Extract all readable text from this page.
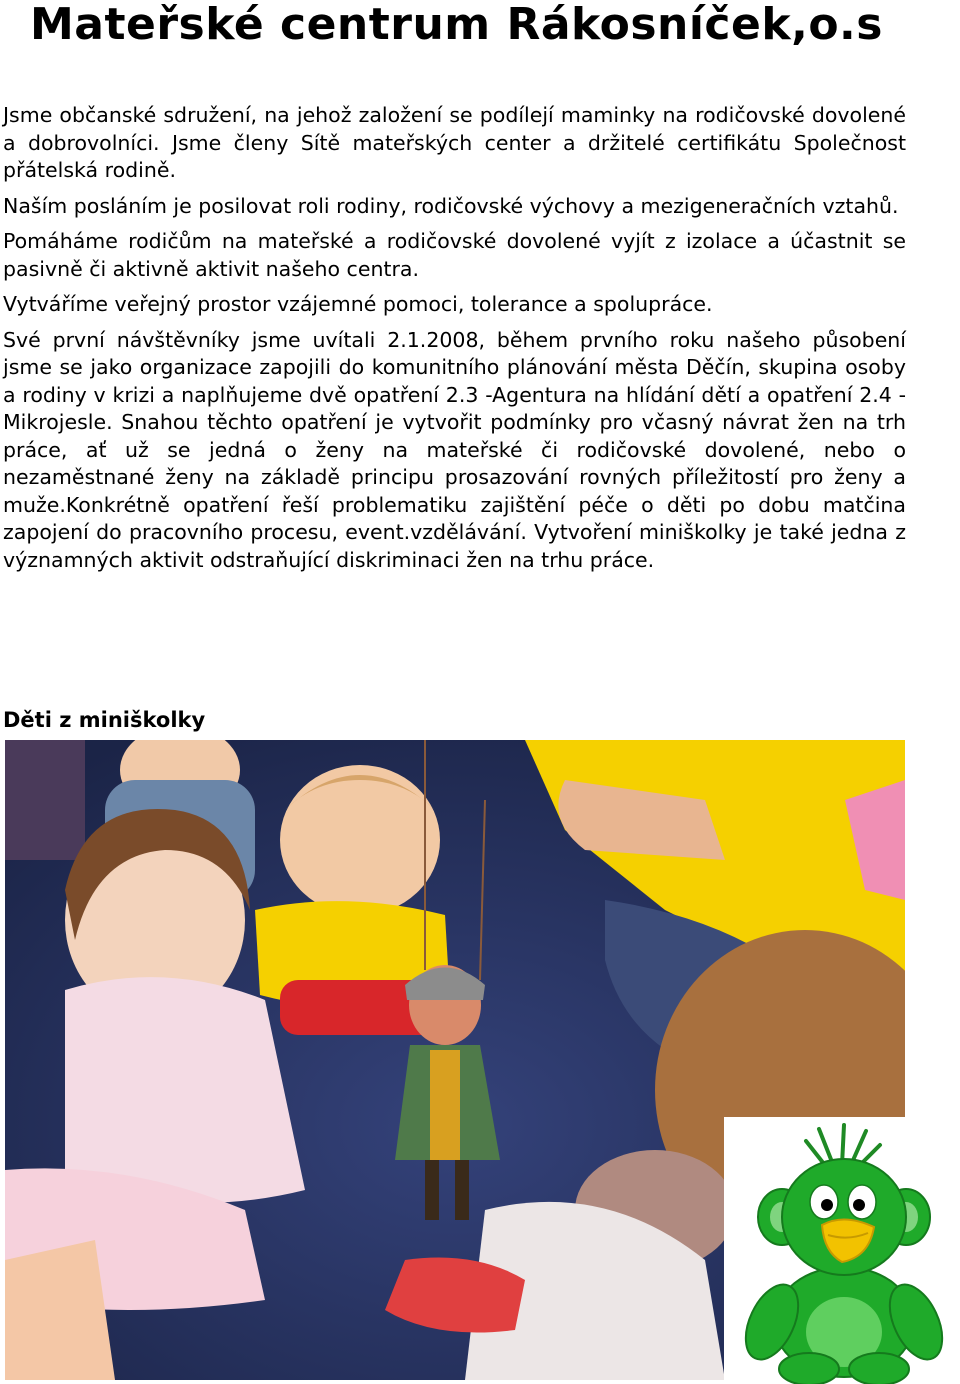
Mateřské centrum Rákosníček,o.s

Jsme občanské sdružení, na jehož založení se podílejí maminky na rodičovské dovolené a dobrovolníci. Jsme členy Sítě mateřských center a držitelé certifikátu Společnost přátelská rodině.

Naším posláním je posilovat roli rodiny, rodičovské výchovy a mezigeneračních vztahů.

Pomáháme rodičům na mateřské a rodičovské dovolené vyjít z izolace a účastnit se pasivně či aktivně aktivit našeho centra.

Vytváříme veřejný prostor vzájemné pomoci, tolerance a spolupráce.

Své první návštěvníky jsme uvítali 2.1.2008, během prvního roku našeho působení jsme se jako organizace zapojili do komunitního plánování města Děčín, skupina osoby a rodiny v krizi a naplňujeme dvě opatření 2.3 -Agentura na hlídání dětí a opatření 2.4 - Mikrojesle. Snahou těchto opatření je vytvořit podmínky pro včasný návrat žen na trh práce, ať už se jedná o ženy na mateřské či rodičovské dovolené, nebo o nezaměstnané ženy na základě principu prosazování rovných příležitostí pro ženy a muže.Konkrétně opatření řeší problematiku zajištění péče o děti po dobu matčina zapojení do pracovního procesu, event.vzdělávání. Vytvoření miniškolky je také jedna z významných aktivit odstraňující diskriminaci žen na trhu práce.

Děti z miniškolky
